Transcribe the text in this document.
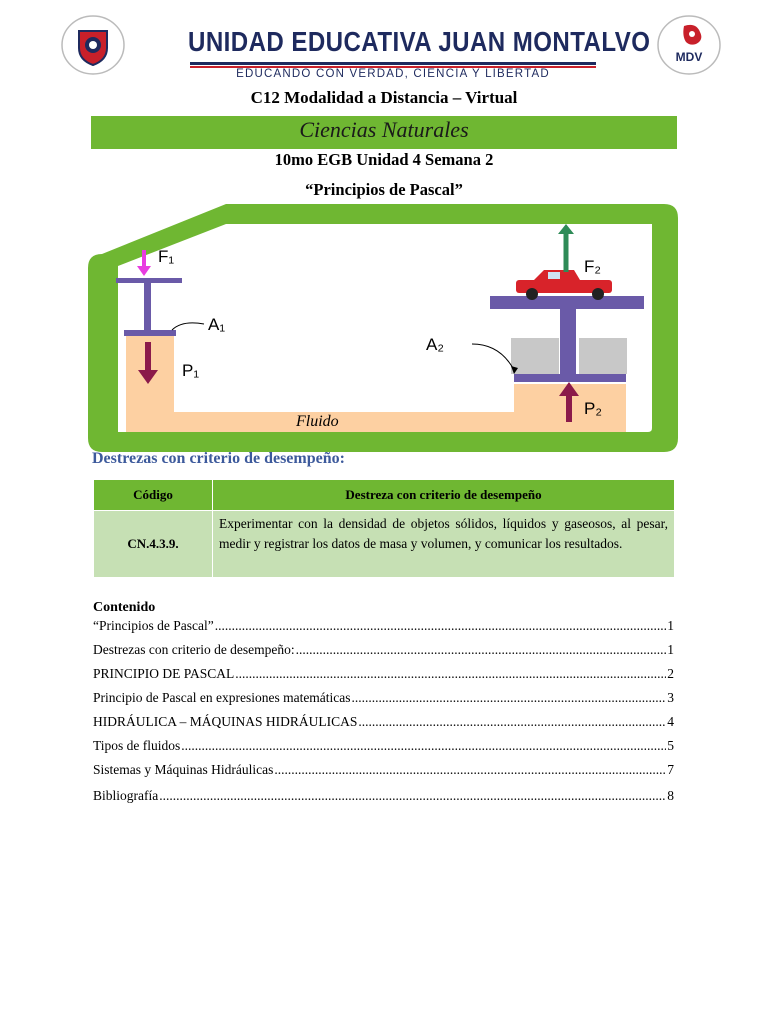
UNIDAD EDUCATIVA JUAN MONTALVO
EDUCANDO CON VERDAD, CIENCIA Y LIBERTAD
MDV
C12 Modalidad a Distancia – Virtual
Ciencias Naturales
10mo EGB Unidad 4 Semana 2
“Principios de Pascal”
F₁
A₁
P₁
F₂
A₂
P₂
Fluido
Destrezas con criterio de desempeño:
Código	Destreza con criterio de desempeño
CN.4.3.9.	Experimentar con la densidad de objetos sólidos, líquidos y gaseosos, al pesar, medir y registrar los datos de masa y volumen, y comunicar los resultados.
Contenido
“Principios de Pascal” .....	1
Destrezas con criterio de desempeño: .....	1
PRINCIPIO DE PASCAL .....	2
Principio de Pascal en expresiones matemáticas .....	3
HIDRÁULICA – MÁQUINAS HIDRÁULICAS .....	4
Tipos de fluidos .....	5
Sistemas y Máquinas Hidráulicas .....	7
Bibliografía .....	8
